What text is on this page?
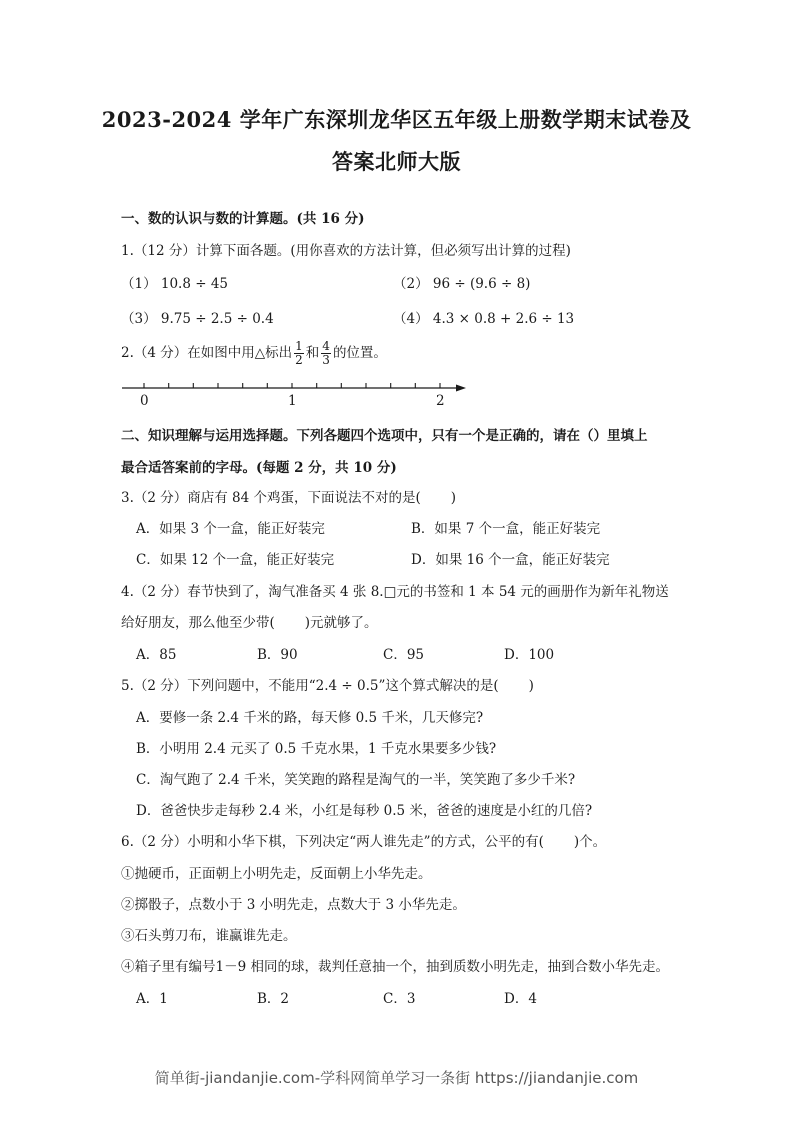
2023-2024 学年广东深圳龙华区五年级上册数学期末试卷及
答案北师大版
一、数的认识与数的计算题。(共 16 分)
1.（12 分）计算下面各题。(用你喜欢的方法计算，但必须写出计算的过程)
（1） 10.8 ÷ 45	（2） 96 ÷ (9.6 ÷ 8)
（3） 9.75 ÷ 2.5 ÷ 0.4	（4） 4.3 × 0.8 + 2.6 ÷ 13
2.（4 分）在如图中用△标出 $\frac{1}{2}$ 和 $\frac{4}{3}$ 的位置。
0	1	2
二、知识理解与运用选择题。下列各题四个选项中，只有一个是正确的，请在（）里填上
最合适答案前的字母。(每题 2 分，共 10 分)
3.（2 分）商店有 84 个鸡蛋，下面说法不对的是( )
A．如果 3 个一盒，能正好装完	B．如果 7 个一盒，能正好装完
C．如果 12 个一盒，能正好装完	D．如果 16 个一盒，能正好装完
4.（2 分）春节快到了，淘气准备买 4 张 8.□元的书签和 1 本 54 元的画册作为新年礼物送
给好朋友，那么他至少带( )元就够了。
A．85	B．90	C．95	D．100
5.（2 分）下列问题中，不能用“2.4 ÷ 0.5”这个算式解决的是( )
A．要修一条 2.4 千米的路，每天修 0.5 千米，几天修完?
B．小明用 2.4 元买了 0.5 千克水果，1 千克水果要多少钱?
C．淘气跑了 2.4 千米，笑笑跑的路程是淘气的一半，笑笑跑了多少千米?
D．爸爸快步走每秒 2.4 米，小红是每秒 0.5 米，爸爸的速度是小红的几倍?
6.（2 分）小明和小华下棋，下列决定“两人谁先走”的方式，公平的有( )个。
①抛硬币，正面朝上小明先走，反面朝上小华先走。
②掷骰子，点数小于 3 小明先走，点数大于 3 小华先走。
③石头剪刀布，谁赢谁先走。
④箱子里有编号1－9 相同的球，裁判任意抽一个，抽到质数小明先走，抽到合数小华先走。
A．1	B．2	C．3	D．4
简单街-jiandanjie.com-学科网简单学习一条街 https://jiandanjie.com
